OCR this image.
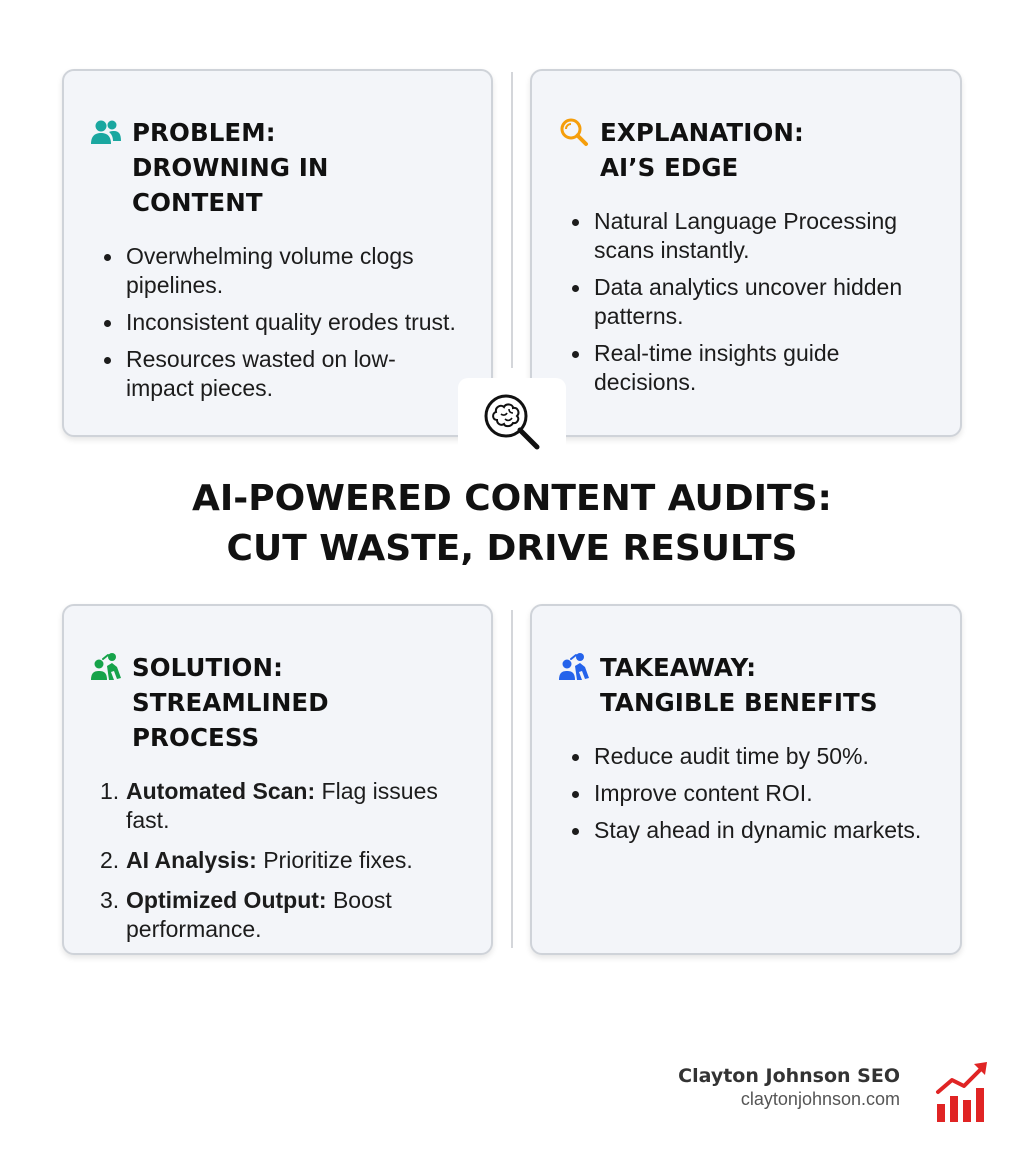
PROBLEM:
DROWNING IN CONTENT
Overwhelming volume clogs pipelines.
Inconsistent quality erodes trust.
Resources wasted on low-impact pieces.
EXPLANATION:
AI’S EDGE
Natural Language Processing scans instantly.
Data analytics uncover hidden patterns.
Real-time insights guide decisions.
AI-POWERED CONTENT AUDITS:
CUT WASTE, DRIVE RESULTS
SOLUTION:
STREAMLINED PROCESS
1. Automated Scan: Flag issues fast.
2. AI Analysis: Prioritize fixes.
3. Optimized Output: Boost performance.
TAKEAWAY:
TANGIBLE BENEFITS
Reduce audit time by 50%.
Improve content ROI.
Stay ahead in dynamic markets.
Clayton Johnson SEO
claytonjohnson.com
